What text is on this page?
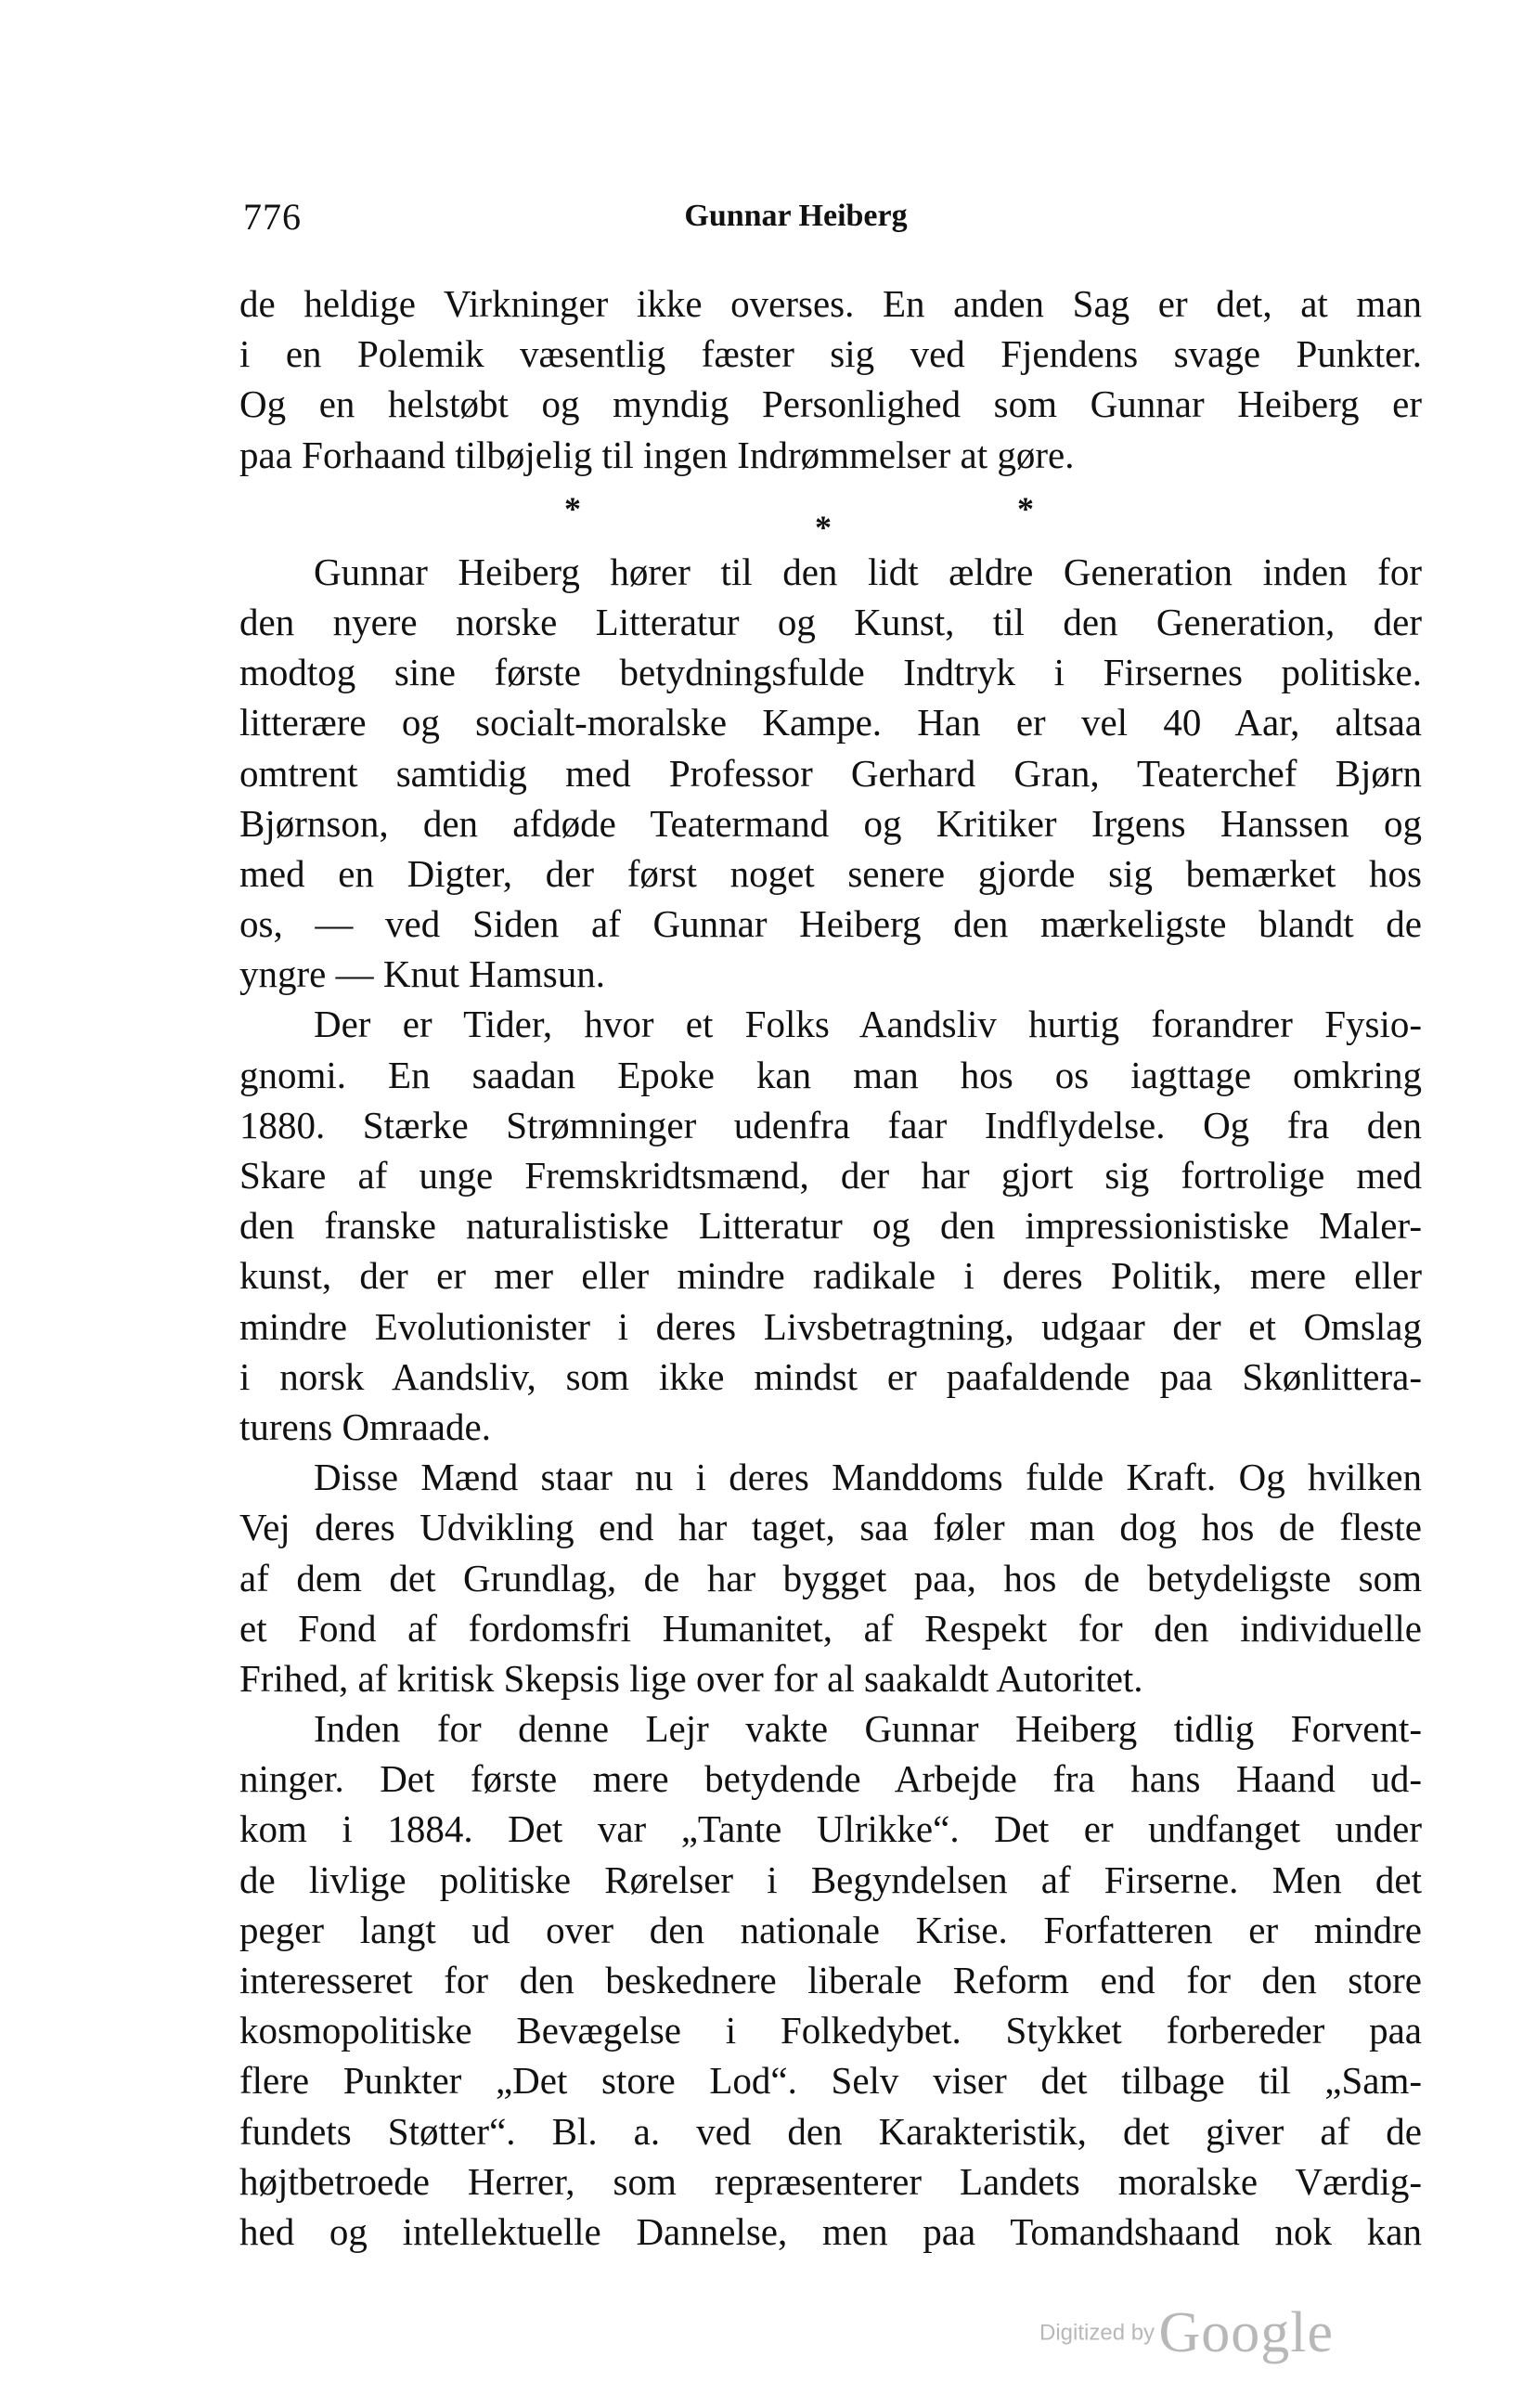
776	Gunnar Heiberg
de heldige Virkninger ikke overses. En anden Sag er det, at man
i en Polemik væsentlig fæster sig ved Fjendens svage Punkter.
Og en helstøbt og myndig Personlighed som Gunnar Heiberg er
paa Forhaand tilbøjelig til ingen Indrømmelser at gøre.
*	*	*
Gunnar Heiberg hører til den lidt ældre Generation inden for
den nyere norske Litteratur og Kunst, til den Generation, der
modtog sine første betydningsfulde Indtryk i Firsernes politiske.
litterære og socialt-moralske Kampe. Han er vel 40 Aar, altsaa
omtrent samtidig med Professor Gerhard Gran, Teaterchef Bjørn
Bjørnson, den afdøde Teatermand og Kritiker Irgens Hanssen og
med en Digter, der først noget senere gjorde sig bemærket hos
os, — ved Siden af Gunnar Heiberg den mærkeligste blandt de
yngre — Knut Hamsun.
Der er Tider, hvor et Folks Aandsliv hurtig forandrer Fysio-
gnomi. En saadan Epoke kan man hos os iagttage omkring
1880. Stærke Strømninger udenfra faar Indflydelse. Og fra den
Skare af unge Fremskridtsmænd, der har gjort sig fortrolige med
den franske naturalistiske Litteratur og den impressionistiske Maler-
kunst, der er mer eller mindre radikale i deres Politik, mere eller
mindre Evolutionister i deres Livsbetragtning, udgaar der et Omslag
i norsk Aandsliv, som ikke mindst er paafaldende paa Skønlittera-
turens Omraade.
Disse Mænd staar nu i deres Manddoms fulde Kraft. Og hvilken
Vej deres Udvikling end har taget, saa føler man dog hos de fleste
af dem det Grundlag, de har bygget paa, hos de betydeligste som
et Fond af fordomsfri Humanitet, af Respekt for den individuelle
Frihed, af kritisk Skepsis lige over for al saakaldt Autoritet.
Inden for denne Lejr vakte Gunnar Heiberg tidlig Forvent-
ninger. Det første mere betydende Arbejde fra hans Haand ud-
kom i 1884. Det var „Tante Ulrikke“. Det er undfanget under
de livlige politiske Rørelser i Begyndelsen af Firserne. Men det
peger langt ud over den nationale Krise. Forfatteren er mindre
interesseret for den beskednere liberale Reform end for den store
kosmopolitiske Bevægelse i Folkedybet. Stykket forbereder paa
flere Punkter „Det store Lod“. Selv viser det tilbage til „Sam-
fundets Støtter“. Bl. a. ved den Karakteristik, det giver af de
højtbetroede Herrer, som repræsenterer Landets moralske Værdig-
hed og intellektuelle Dannelse, men paa Tomandshaand nok kan
Digitized by Google
